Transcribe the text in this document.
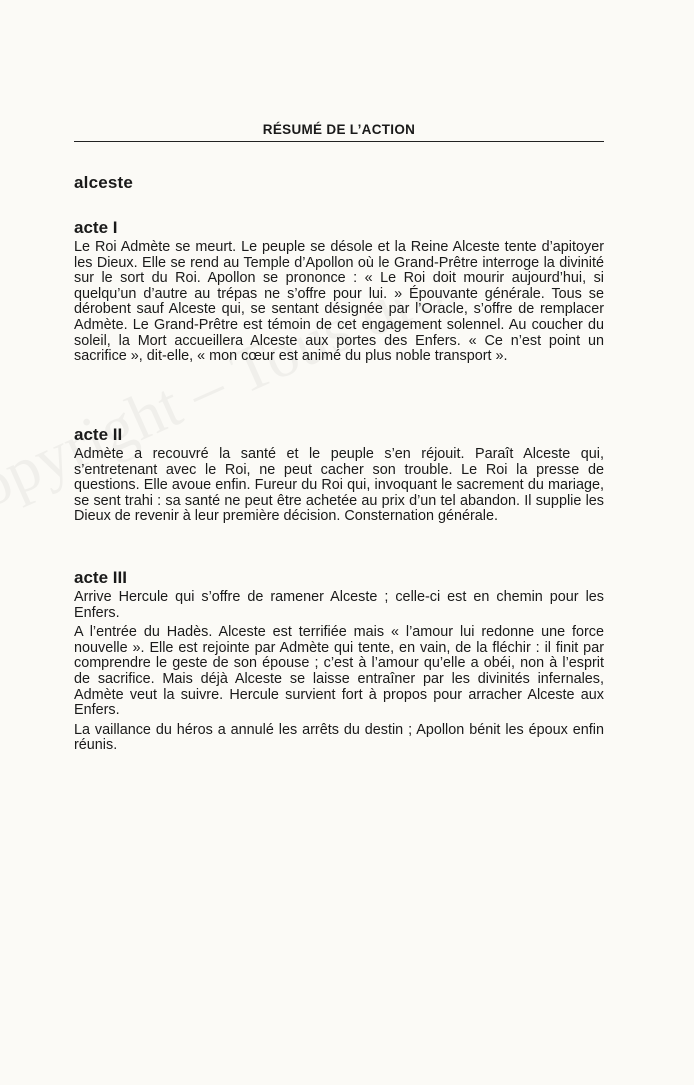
RÉSUMÉ DE L’ACTION
alceste
acte I

Le Roi Admète se meurt. Le peuple se désole et la Reine Alceste tente d’apitoyer les Dieux. Elle se rend au Temple d’Apollon où le Grand-Prêtre interroge la divinité sur le sort du Roi. Apollon se prononce : « Le Roi doit mourir aujourd’hui, si quelqu’un d’autre au trépas ne s’offre pour lui. » Épouvante générale. Tous se dérobent sauf Alceste qui, se sentant désignée par l’Oracle, s’offre de remplacer Admète. Le Grand-Prêtre est témoin de cet engagement solennel. Au coucher du soleil, la Mort accueillera Alceste aux portes des Enfers. « Ce n’est point un sacrifice », dit-elle, « mon cœur est animé du plus noble transport ».

acte II

Admète a recouvré la santé et le peuple s’en réjouit. Paraît Alceste qui, s’entretenant avec le Roi, ne peut cacher son trouble. Le Roi la presse de questions. Elle avoue enfin. Fureur du Roi qui, invoquant le sacrement du mariage, se sent trahi : sa santé ne peut être achetée au prix d’un tel abandon. Il supplie les Dieux de revenir à leur première décision. Consternation générale.

acte III

Arrive Hercule qui s’offre de ramener Alceste ; celle-ci est en chemin pour les Enfers.

A l’entrée du Hadès. Alceste est terrifiée mais « l’amour lui redonne une force nouvelle ». Elle est rejointe par Admète qui tente, en vain, de la fléchir : il finit par comprendre le geste de son épouse ; c’est à l’amour qu’elle a obéi, non à l’esprit de sacrifice. Mais déjà Alceste se laisse entraîner par les divinités infernales, Admète veut la suivre. Hercule survient fort à propos pour arracher Alceste aux Enfers.

La vaillance du héros a annulé les arrêts du destin ; Apollon bénit les époux enfin réunis.
